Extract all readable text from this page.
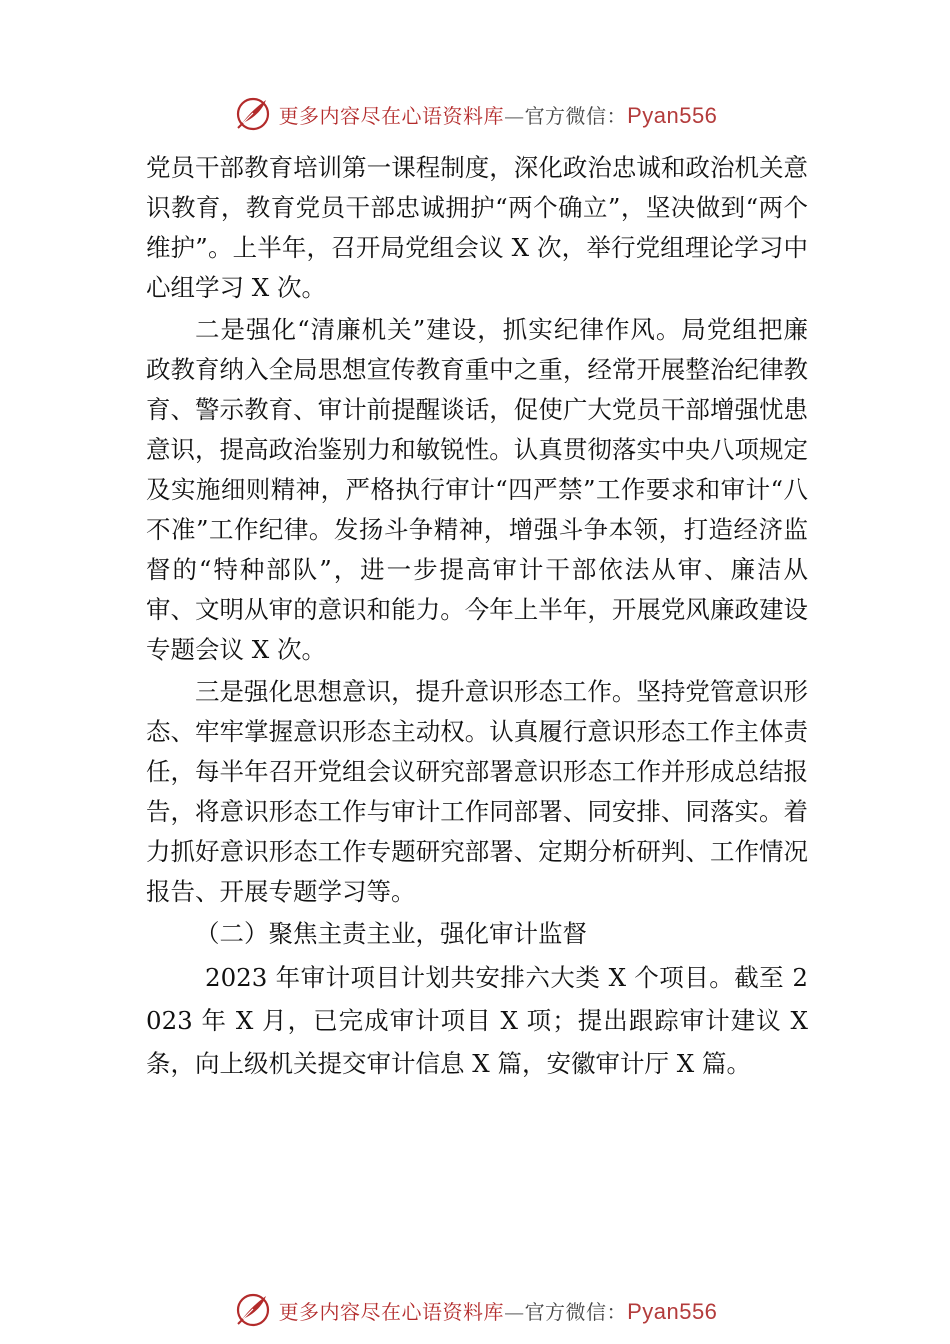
更多内容尽在心语资料库—官方微信：Pyan556

党员干部教育培训第一课程制度，深化政治忠诚和政治机关意识教育，教育党员干部忠诚拥护“两个确立”，坚决做到“两个维护”。上半年，召开局党组会议 X 次，举行党组理论学习中心组学习 X 次。

二是强化“清廉机关”建设，抓实纪律作风。局党组把廉政教育纳入全局思想宣传教育重中之重，经常开展整治纪律教育、警示教育、审计前提醒谈话，促使广大党员干部增强忧患意识，提高政治鉴别力和敏锐性。认真贯彻落实中央八项规定及实施细则精神，严格执行审计“四严禁”工作要求和审计“八不准”工作纪律。发扬斗争精神，增强斗争本领，打造经济监督的“特种部队”，进一步提高审计干部依法从审、廉洁从审、文明从审的意识和能力。今年上半年，开展党风廉政建设专题会议 X 次。

三是强化思想意识，提升意识形态工作。坚持党管意识形态、牢牢掌握意识形态主动权。认真履行意识形态工作主体责任，每半年召开党组会议研究部署意识形态工作并形成总结报告，将意识形态工作与审计工作同部署、同安排、同落实。着力抓好意识形态工作专题研究部署、定期分析研判、工作情况报告、开展专题学习等。

（二）聚焦主责主业，强化审计监督

2023 年审计项目计划共安排六大类 X 个项目。截至 2023 年 X 月，已完成审计项目 X 项；提出跟踪审计建议 X 条，向上级机关提交审计信息 X 篇，安徽审计厅 X 篇。

更多内容尽在心语资料库—官方微信：Pyan556
